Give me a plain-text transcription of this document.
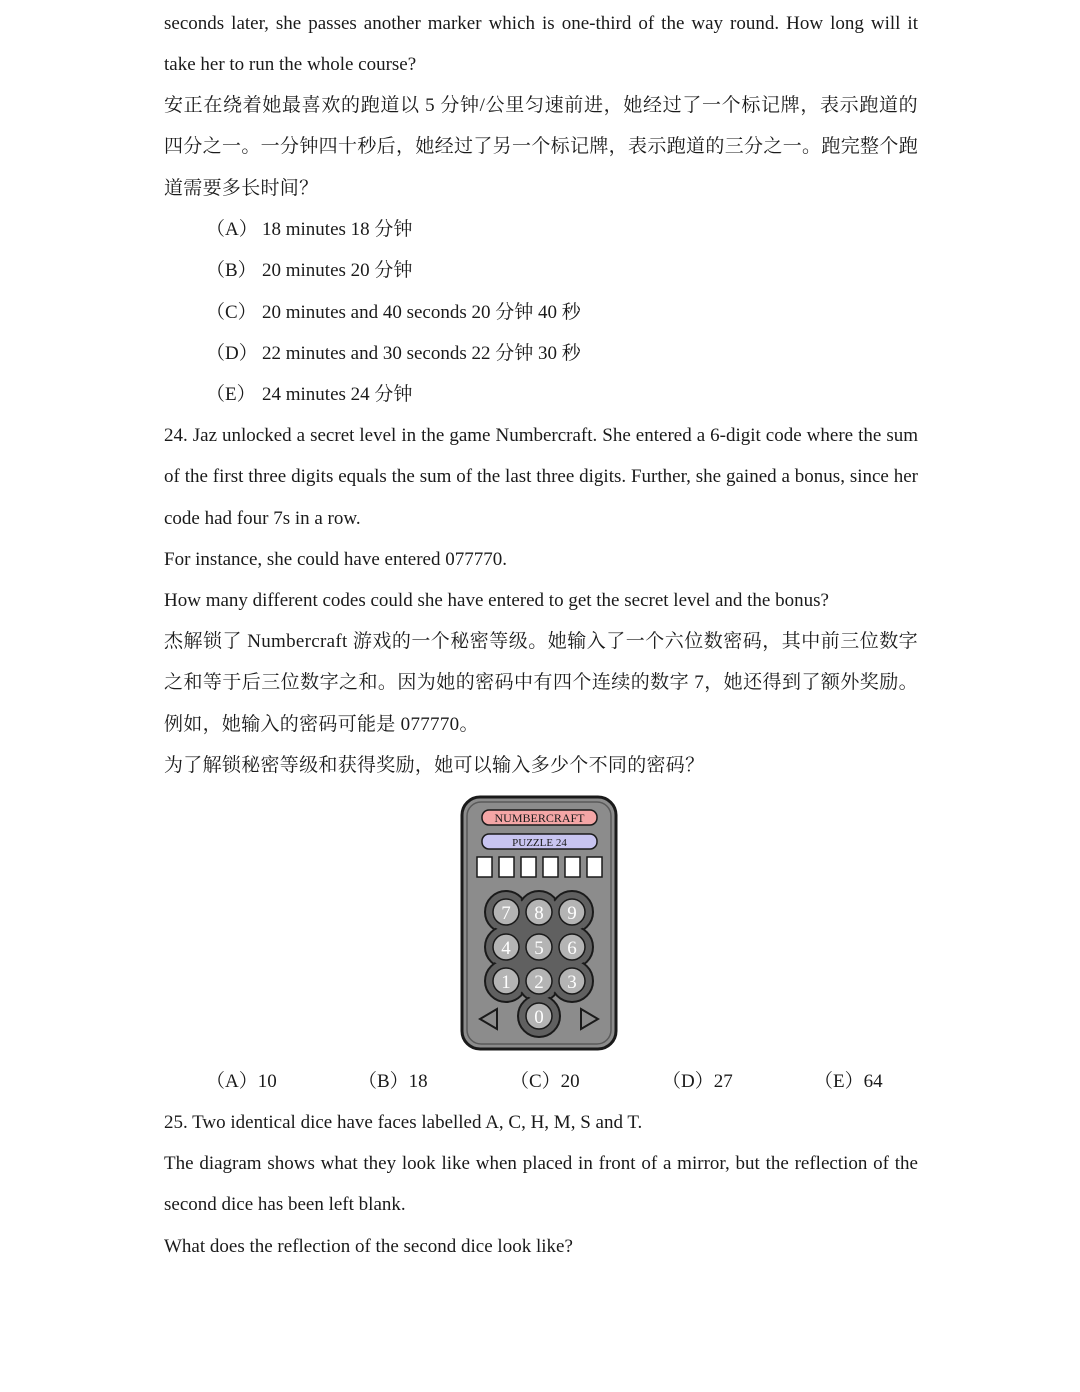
seconds later, she passes another marker which is one-third of the way round. How long will it take her to run the whole course?

安正在绕着她最喜欢的跑道以 5 分钟/公里匀速前进，她经过了一个标记牌，表示跑道的四分之一。一分钟四十秒后，她经过了另一个标记牌，表示跑道的三分之一。跑完整个跑道需要多长时间？

（A） 18 minutes 18 分钟
（B） 20 minutes 20 分钟
（C） 20 minutes and 40 seconds 20 分钟 40 秒
（D） 22 minutes and 30 seconds 22 分钟 30 秒
（E） 24 minutes 24 分钟

24. Jaz unlocked a secret level in the game Numbercraft. She entered a 6-digit code where the sum of the first three digits equals the sum of the last three digits. Further, she gained a bonus, since her code had four 7s in a row.

For instance, she could have entered 077770.

How many different codes could she have entered to get the secret level and the bonus?

杰解锁了 Numbercraft 游戏的一个秘密等级。她输入了一个六位数密码，其中前三位数字之和等于后三位数字之和。因为她的密码中有四个连续的数字 7，她还得到了额外奖励。例如，她输入的密码可能是 077770。

为了解锁秘密等级和获得奖励，她可以输入多少个不同的密码？

NUMBERCRAFT
PUZZLE 24
7 8 9
4 5 6
1 2 3
0
（A）10	（B）18	（C）20	（D）27	（E）64

25. Two identical dice have faces labelled A, C, H, M, S and T.

The diagram shows what they look like when placed in front of a mirror, but the reflection of the second dice has been left blank.

What does the reflection of the second dice look like?
